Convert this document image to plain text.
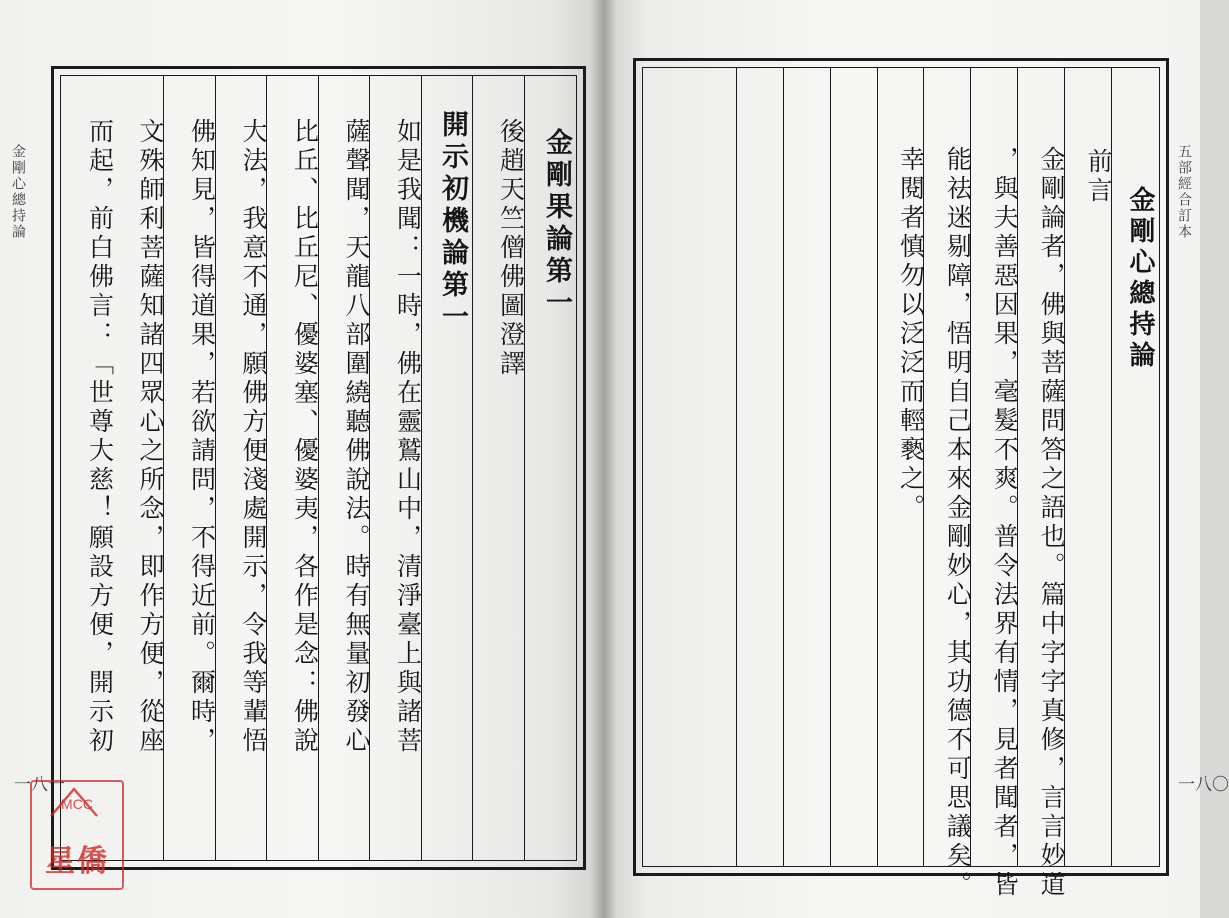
金剛心總持論
一八一
金剛果論第一
後趙天竺僧佛圖澄譯
開示初機論第一
如是我聞：一時，佛在靈鷲山中，清淨臺上與諸菩
薩聲聞，天龍八部圍繞聽佛說法。時有無量初發心
比丘、比丘尼、優婆塞、優婆夷，各作是念：佛說
大法，我意不通，願佛方便淺處開示，令我等輩悟
佛知見，皆得道果，若欲請問，不得近前。爾時，
文殊師利菩薩知諸四眾心之所念，即作方便，從座
而起，前白佛言：「世尊大慈！願設方便，開示初	五部經合訂本
一八〇
金剛心總持論
前言
金剛論者，佛與菩薩問答之語也。篇中字字真修，言言妙道
，與夫善惡因果，毫髮不爽。普令法界有情，見者聞者，皆
能祛迷剔障，悟明自己本來金剛妙心，其功德不可思議矣。
幸閱者慎勿以泛泛而輕褻之。
MCC
星僑
